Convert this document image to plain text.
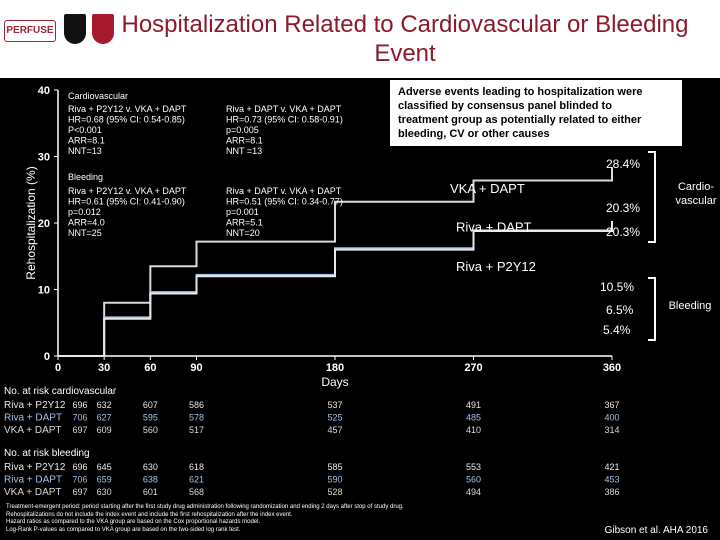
PERFUSE	Hospitalization Related to Cardiovascular or Bleeding Event
0
10
20
30
40
0	30	60	90	180	270	360
Days
Rehospitalization (%)	VKA + DAPT
Riva + DAPT
Riva + P2Y12
Cardiovascular
Riva + P2Y12 v. VKA + DAPT
HR=0.68 (95% CI: 0.54-0.85)
P<0.001
ARR=8.1
NNT=13
Riva + DAPT v. VKA + DAPT
HR=0.73 (95% CI: 0.58-0.91)
p=0.005
ARR=8.1
NNT =13
Bleeding
Riva + P2Y12 v. VKA + DAPT
HR=0.61 (95% CI: 0.41-0.90)
p=0.012
ARR=4.0
NNT=25
Riva + DAPT v. VKA + DAPT
HR=0.51 (95% CI: 0.34-0.77)
p=0.001
ARR=5.1
NNT=20
Adverse events leading to hospitalization were
classified by consensus panel blinded to
treatment group as potentially related to either
bleeding, CV or other causes
28.4%
20.3%
20.3%
10.5%
6.5%
5.4%
Cardio-
vascular
Bleeding
No. at risk cardiovascular
Riva + P2Y12 696 632	607	586	537	491	367
Riva + DAPT 706 627	595	578	525	485	400
VKA + DAPT 697 609	560	517	457	410	314
No. at risk bleeding
Riva + P2Y12 696 645	630	618	585	553	421
Riva + DAPT 706 659	638	621	590	560	453
VKA + DAPT 697 630	601	568	528	494	386
Treatment-emergent period: period starting after the first study drug administration following randomization and ending 2 days after stop of study drug.
Rehospitalizations do not include the index event and include the first rehospitalization after the index event.
Hazard ratios as compared to the VKA group are based on the Cox proportional hazards model.
Log-Rank P-values as compared to VKA group are based on the two-sided log rank test.	Gibson et al. AHA 2016
